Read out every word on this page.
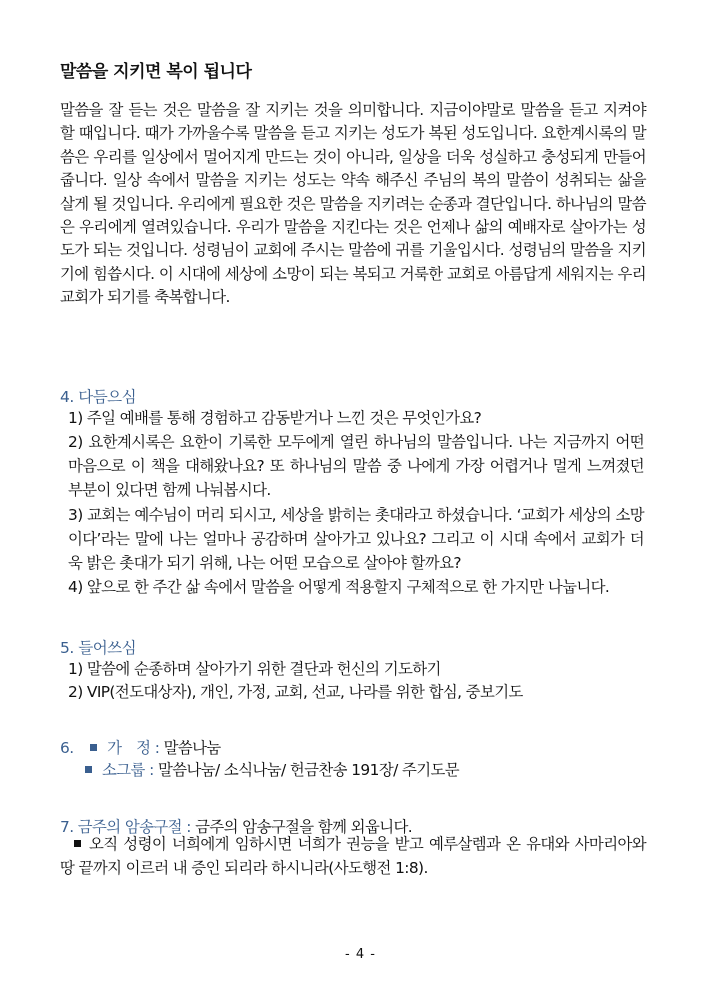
말씀을 지키면 복이 됩니다

말씀을 잘 듣는 것은 말씀을 잘 지키는 것을 의미합니다. 지금이야말로 말씀을 듣고 지켜야 할 때입니다. 때가 가까울수록 말씀을 듣고 지키는 성도가 복된 성도입니다. 요한계시록의 말씀은 우리를 일상에서 멀어지게 만드는 것이 아니라, 일상을 더욱 성실하고 충성되게 만들어줍니다. 일상 속에서 말씀을 지키는 성도는 약속 해주신 주님의 복의 말씀이 성취되는 삶을 살게 될 것입니다. 우리에게 필요한 것은 말씀을 지키려는 순종과 결단입니다. 하나님의 말씀은 우리에게 열려있습니다. 우리가 말씀을 지킨다는 것은 언제나 삶의 예배자로 살아가는 성도가 되는 것입니다. 성령님이 교회에 주시는 말씀에 귀를 기울입시다. 성령님의 말씀을 지키기에 힘씁시다. 이 시대에 세상에 소망이 되는 복되고 거룩한 교회로 아름답게 세워지는 우리 교회가 되기를 축복합니다.

4. 다듬으심

1) 주일 예배를 통해 경험하고 감동받거나 느낀 것은 무엇인가요?

2) 요한계시록은 요한이 기록한 모두에게 열린 하나님의 말씀입니다. 나는 지금까지 어떤 마음으로 이 책을 대해왔나요? 또 하나님의 말씀 중 나에게 가장 어렵거나 멀게 느껴졌던 부분이 있다면 함께 나눠봅시다.

3) 교회는 예수님이 머리 되시고, 세상을 밝히는 촛대라고 하셨습니다. ‘교회가 세상의 소망이다’라는 말에 나는 얼마나 공감하며 살아가고 있나요? 그리고 이 시대 속에서 교회가 더욱 밝은 촛대가 되기 위해, 나는 어떤 모습으로 살아야 할까요?

4) 앞으로 한 주간 삶 속에서 말씀을 어떻게 적용할지 구체적으로 한 가지만 나눕니다.

5. 들어쓰심
1) 말씀에 순종하며 살아가기 위한 결단과 헌신의 기도하기
2) VIP(전도대상자), 개인, 가정, 교회, 선교, 나라를 위한 합심, 중보기도
6. 가　정 : 말씀나눔
소그룹 : 말씀나눔/ 소식나눔/ 헌금찬송 191장/ 주기도문
7. 금주의 암송구절 : 금주의 암송구절을 함께 외웁니다.

오직 성령이 너희에게 임하시면 너희가 권능을 받고 예루살렘과 온 유대와 사마리아와 땅 끝까지 이르러 내 증인 되리라 하시니라(사도행전 1:8).

- 4 -
